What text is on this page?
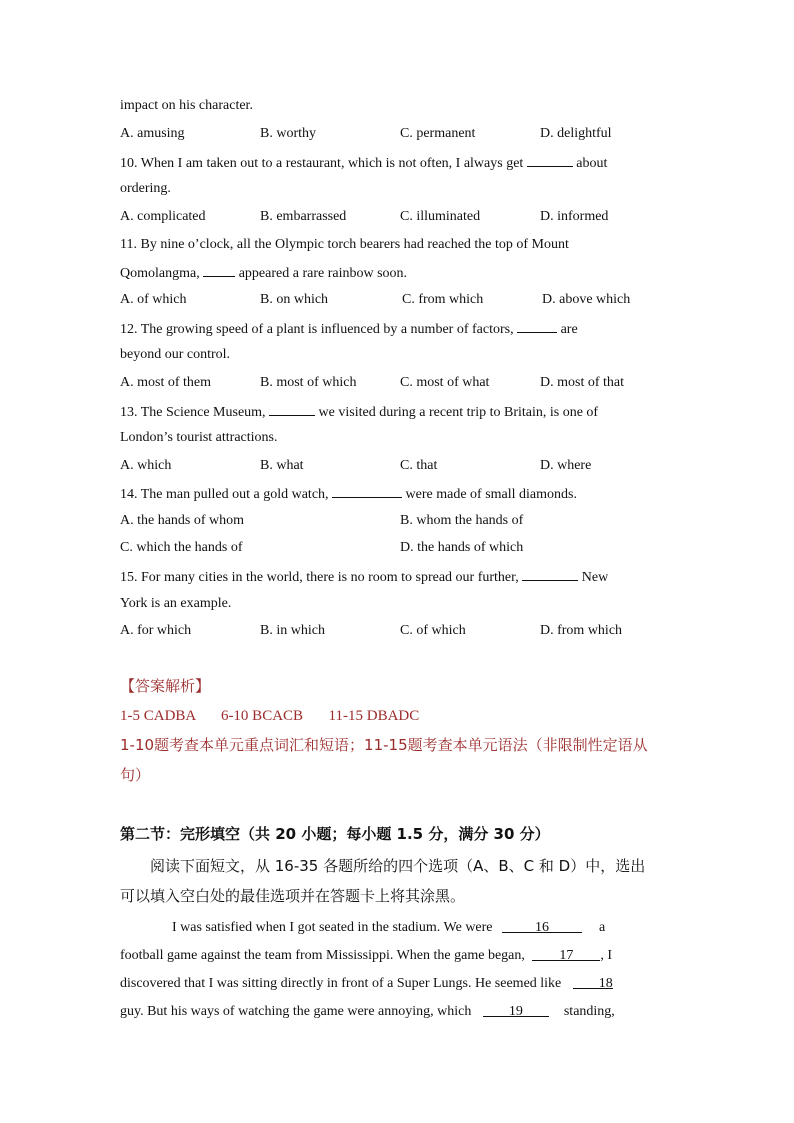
impact on his character.
A. amusing	B. worthy	C. permanent	D. delightful
10. When I am taken out to a restaurant, which is not often, I always get	about
ordering.
A. complicated	B. embarrassed	C. illuminated	D. informed
11. By nine o’clock, all the Olympic torch bearers had reached the top of Mount
Qomolangma,	appeared a rare rainbow soon.
A. of which	B. on which	C. from which	D. above which
12. The growing speed of a plant is influenced by a number of factors,	are
beyond our control.
A. most of them	B. most of which	C. most of what	D. most of that
13. The Science Museum,	we visited during a recent trip to Britain, is one of
London’s tourist attractions.
A. which	B. what	C. that	D. where
14. The man pulled out a gold watch,	were made of small diamonds.
A. the hands of whom	B. whom the hands of
C. which the hands of	D. the hands of which
15. For many cities in the world, there is no room to spread our further,	New
York is an example.
A. for which	B. in which	C. of which	D. from which
【答案解析】
1-5 CADBA 6-10 BCACB 11-15 DBADC
1-10题考查本单元重点词汇和短语；11-15题考查本单元语法（非限制性定语从
句）
第二节：完形填空（共 20 小题；每小题 1.5 分，满分 30 分）
阅读下面短文，从 16-35 各题所给的四个选项（A、B、C 和 D）中，选出
可以填入空白处的最佳选项并在答题卡上将其涂黑。
I was satisfied when I got seated in the stadium. We were	16	a
football game against the team from Mississippi. When the game began, 17 , I
discovered that I was sitting directly in front of a Super Lungs. He seemed like	18
guy. But his ways of watching the game were annoying, which	19	standing,
